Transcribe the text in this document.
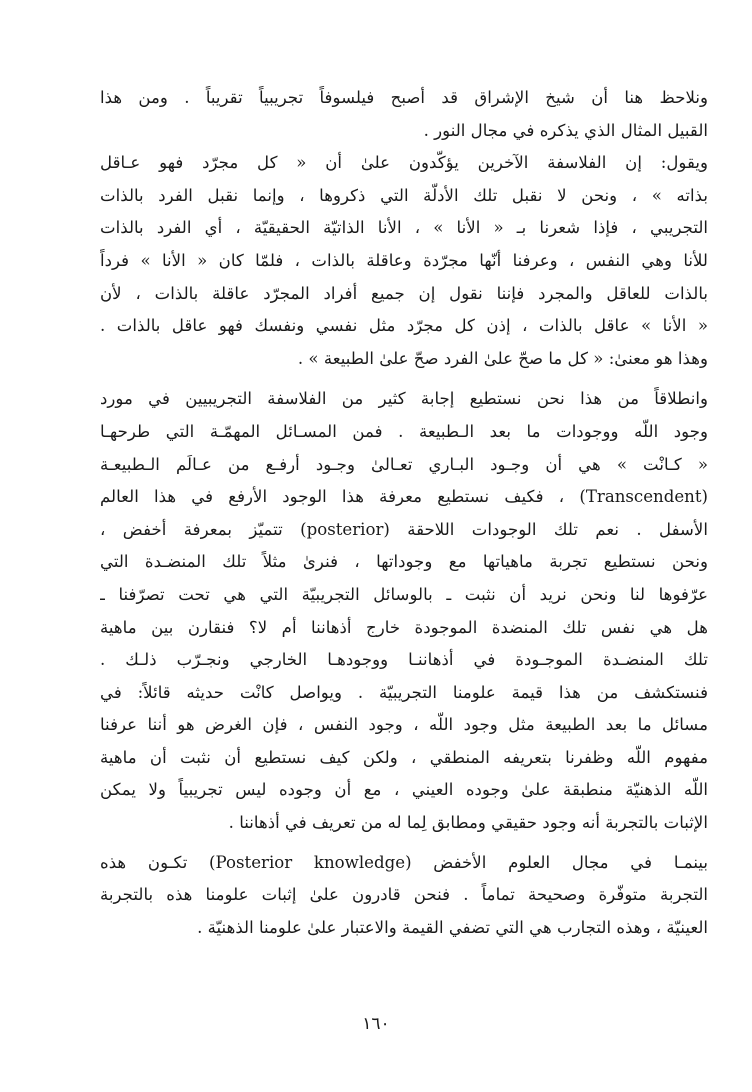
ونلاحظ هنا أن شيخ الإشراق قد أصبح فيلسوفاً تجريبياً تقريباً . ومن هذا
القبيل المثال الذي يذكره في مجال النور .
ويقول: إن الفلاسفة الآخرين يؤكّدون علىٰ أن « كل مجرّد فهو عـاقل
بذاته » ، ونحن لا نقبل تلك الأدلّة التي ذكروها ، وإنما نقبل الفرد بالذات
التجريبي ، فإذا شعرنا بـ « الأنا » ، الأنا الذاتيّة الحقيقيّة ، أي الفرد بالذات
للأنا وهي النفس ، وعرفنا أنّها مجرّدة وعاقلة بالذات ، فلمّا كان « الأنا » فرداً
بالذات للعاقل والمجرد فإننا نقول إن جميع أفراد المجرّد عاقلة بالذات ، لأن
« الأنا » عاقل بالذات ، إذن كل مجرّد مثل نفسي ونفسك فهو عاقل بالذات .
وهذا هو معنىٰ: « كل ما صحّ علىٰ الفرد صحّ علىٰ الطبيعة » .
وانطلاقاً من هذا نحن نستطيع إجابة كثير من الفلاسفة التجريبيين في مورد
وجود اللّه ووجودات ما بعد الـطبيعة . فمن المسـائل المهمّـة التي طرحهـا
« كـانْت » هي أن وجـود البـاري تعـالىٰ وجـود أرفـع من عـالَم الـطبيعـة
(Transcendent) ، فكيف نستطيع معرفة هذا الوجود الأرفع في هذا العالم
الأسفل . نعم تلك الوجودات اللاحقة (posterior) تتميّز بمعرفة أخفض ،
ونحن نستطيع تجربة ماهياتها مع وجوداتها ، فنرىٰ مثلاً تلك المنضـدة التي
عرّفوها لنا ونحن نريد أن نثبت ـ بالوسائل التجريبيّة التي هي تحت تصرّفنا ـ
هل هي نفس تلك المنضدة الموجودة خارج أذهاننا أم لا؟ فنقارن بين ماهية
تلك المنضـدة الموجـودة في أذهاننـا ووجودهـا الخارجي ونجـرّب ذلـك .
فنستكشف من هذا قيمة علومنا التجريبيّة . ويواصل كانْت حديثه قائلاً: في
مسائل ما بعد الطبيعة مثل وجود اللّه ، وجود النفس ، فإن الغرض هو أننا عرفنا
مفهوم اللّه وظفرنا بتعريفه المنطقي ، ولكن كيف نستطيع أن نثبت أن ماهية
اللّه الذهنيّة منطبقة علىٰ وجوده العيني ، مع أن وجوده ليس تجريبياً ولا يمكن
الإثبات بالتجربة أنه وجود حقيقي ومطابق لِما له من تعريف في أذهاننا .
بينمـا في مجال العلوم الأخفض (Posterior knowledge) تكـون هذه
التجربة متوفّرة وصحيحة تماماً . فنحن قادرون علىٰ إثبات علومنا هذه بالتجربة
العينيّة ، وهذه التجارب هي التي تضفي القيمة والاعتبار علىٰ علومنا الذهنيّة .
١٦٠
